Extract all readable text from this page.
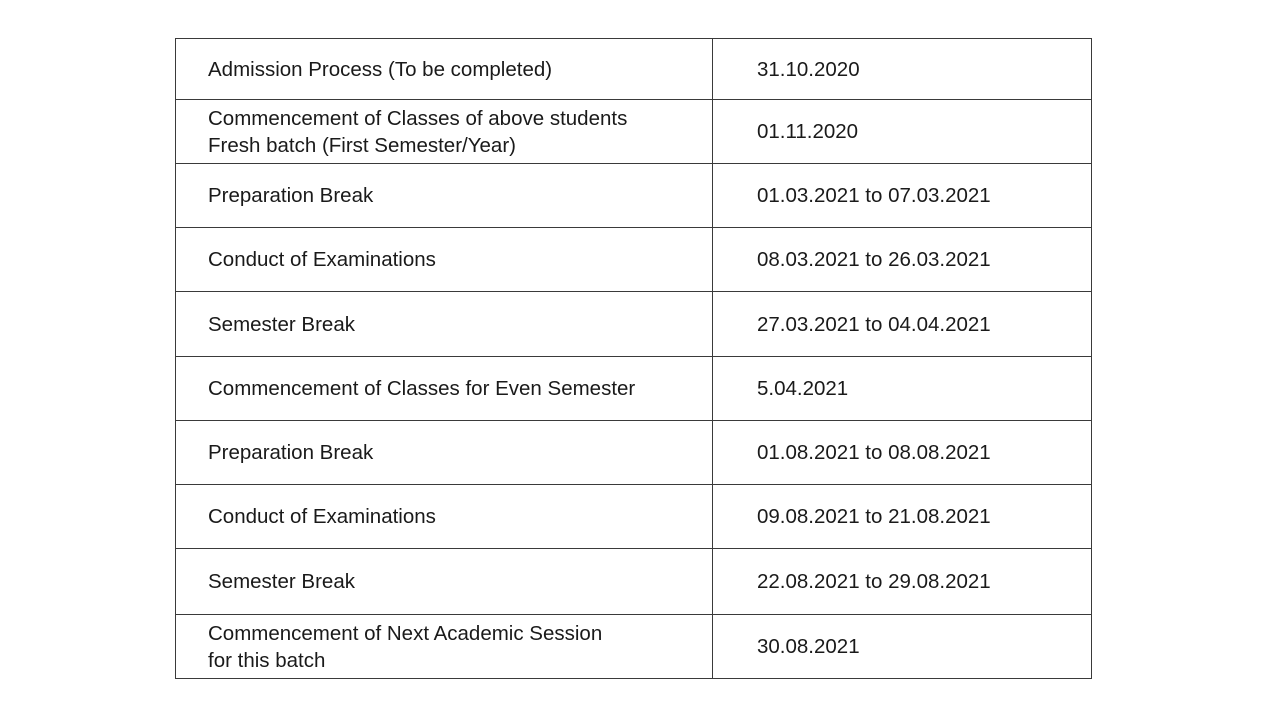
Admission Process (To be completed)	31.10.2020

Commencement of Classes of above students
Fresh batch (First Semester/Year)	01.11.2020

Preparation Break	01.03.2021 to 07.03.2021

Conduct of Examinations	08.03.2021 to 26.03.2021

Semester Break	27.03.2021 to 04.04.2021

Commencement of Classes for Even Semester	5.04.2021

Preparation Break	01.08.2021 to 08.08.2021

Conduct of Examinations	09.08.2021 to 21.08.2021

Semester Break	22.08.2021 to 29.08.2021

Commencement of Next Academic Session
for this batch	30.08.2021
